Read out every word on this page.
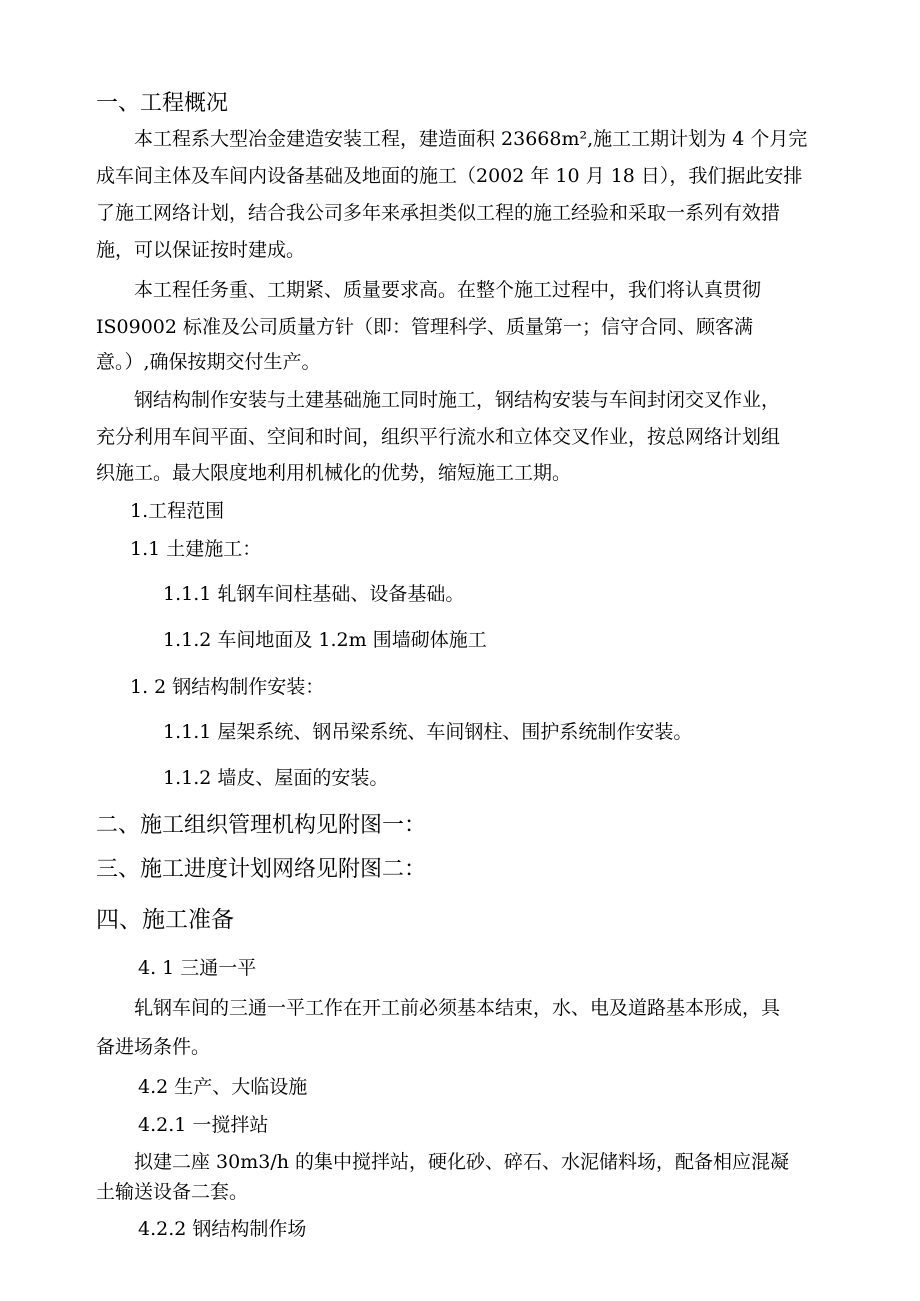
一、工程概况

本工程系大型冶金建造安装工程，建造面积 23668m²,施工工期计划为 4 个月完

成车间主体及车间内设备基础及地面的施工（2002 年 10 月 18 日），我们据此安排

了施工网络计划，结合我公司多年来承担类似工程的施工经验和采取一系列有效措

施，可以保证按时建成。

本工程任务重、工期紧、质量要求高。在整个施工过程中，我们将认真贯彻

IS09002 标准及公司质量方针（即：管理科学、质量第一；信守合同、顾客满

意。）,确保按期交付生产。

钢结构制作安装与土建基础施工同时施工，钢结构安装与车间封闭交叉作业，

充分利用车间平面、空间和时间，组织平行流水和立体交叉作业，按总网络计划组

织施工。最大限度地利用机械化的优势，缩短施工工期。

1.工程范围

1.1 土建施工：

1.1.1 轧钢车间柱基础、设备基础。

1.1.2 车间地面及 1.2m 围墙砌体施工

1. 2 钢结构制作安装：

1.1.1 屋架系统、钢吊梁系统、车间钢柱、围护系统制作安装。

1.1.2 墙皮、屋面的安装。

二、施工组织管理机构见附图一：

三、施工进度计划网络见附图二：

四、施工准备

4. 1 三通一平

轧钢车间的三通一平工作在开工前必须基本结束，水、电及道路基本形成，具

备进场条件。

4.2 生产、大临设施

4.2.1 一搅拌站

拟建二座 30m3/h 的集中搅拌站，硬化砂、碎石、水泥储料场，配备相应混凝

土输送设备二套。

4.2.2 钢结构制作场
